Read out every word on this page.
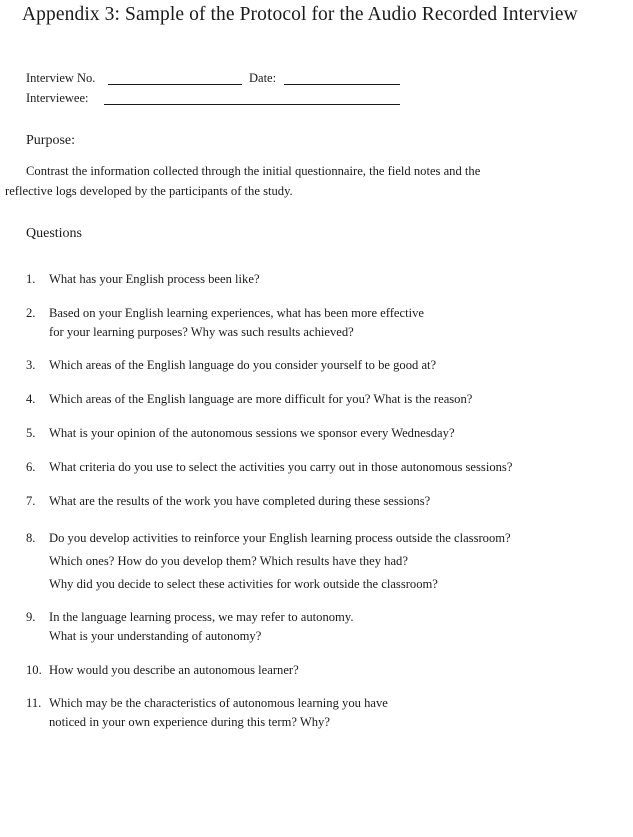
Appendix 3: Sample of the Protocol for the Audio Recorded Interview
Interview No.	Date:
Interviewee:
Purpose:
Contrast the information collected through the initial questionnaire, the field notes and the
reflective logs developed by the participants of the study.
Questions
1. What has your English process been like?
2. Based on your English learning experiences, what has been more effective
for your learning purposes? Why was such results achieved?
3. Which areas of the English language do you consider yourself to be good at?
4. Which areas of the English language are more difficult for you? What is the reason?
5. What is your opinion of the autonomous sessions we sponsor every Wednesday?
6. What criteria do you use to select the activities you carry out in those autonomous sessions?
7. What are the results of the work you have completed during these sessions?
8. Do you develop activities to reinforce your English learning process outside the classroom?
Which ones? How do you develop them? Which results have they had?
Why did you decide to select these activities for work outside the classroom?
9. In the language learning process, we may refer to autonomy.
What is your understanding of autonomy?
10. How would you describe an autonomous learner?
11. Which may be the characteristics of autonomous learning you have
noticed in your own experience during this term? Why?
